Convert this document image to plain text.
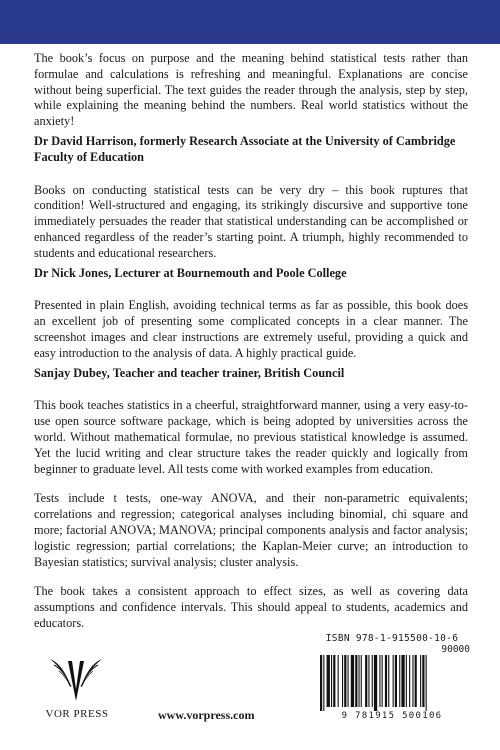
The book’s focus on purpose and the meaning behind statistical tests rather than formulae and calculations is refreshing and meaningful. Explanations are concise without being superficial. The text guides the reader through the analysis, step by step, while explaining the meaning behind the numbers. Real world statistics without the anxiety!

Dr David Harrison, formerly Research Associate at the University of Cambridge Faculty of Education

Books on conducting statistical tests can be very dry – this book ruptures that condition! Well-structured and engaging, its strikingly discursive and supportive tone immediately persuades the reader that statistical understanding can be accomplished or enhanced regardless of the reader’s starting point. A triumph, highly recommended to students and educational researchers.

Dr Nick Jones, Lecturer at Bournemouth and Poole College

Presented in plain English, avoiding technical terms as far as possible, this book does an excellent job of presenting some complicated concepts in a clear manner. The screenshot images and clear instructions are extremely useful, providing a quick and easy introduction to the analysis of data. A highly practical guide.

Sanjay Dubey, Teacher and teacher trainer, British Council

This book teaches statistics in a cheerful, straightforward manner, using a very easy-to-use open source software package, which is being adopted by universities across the world. Without mathematical formulae, no previous statistical knowledge is assumed. Yet the lucid writing and clear structure takes the reader quickly and logically from beginner to graduate level. All tests come with worked examples from education.

Tests include t tests, one-way ANOVA, and their non-parametric equivalents; correlations and regression; categorical analyses including binomial, chi square and more; factorial ANOVA; MANOVA; principal components analysis and factor analysis; logistic regression; partial correlations; the Kaplan-Meier curve; an introduction to Bayesian statistics; survival analysis; cluster analysis.

The book takes a consistent approach to effect sizes, as well as covering data assumptions and confidence intervals. This should appeal to students, academics and educators.

VOR PRESS	www.vorpress.com
ISBN 978-1-915500-10-6
90000
9 781915 500106
